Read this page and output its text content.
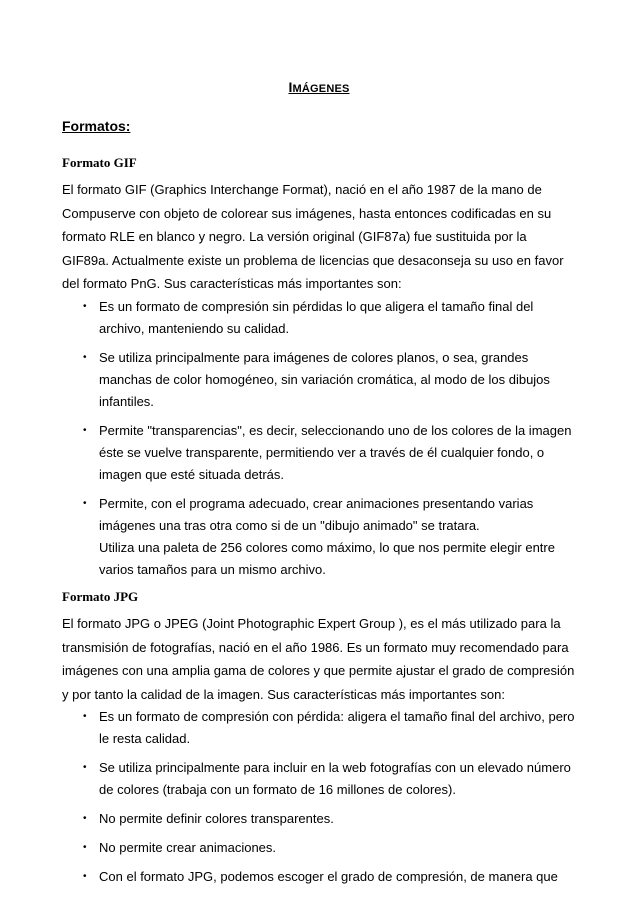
IMÁGENES
Formatos:
Formato GIF

El formato GIF (Graphics Interchange Format), nació en el año 1987 de la mano de Compuserve con objeto de colorear sus imágenes, hasta entonces codificadas en su formato RLE en blanco y negro. La versión original (GIF87a) fue sustituida por la GIF89a. Actualmente existe un problema de licencias que desaconseja su uso en favor del formato PnG. Sus características más importantes son:

• Es un formato de compresión sin pérdidas lo que aligera el tamaño final del archivo, manteniendo su calidad.
• Se utiliza principalmente para imágenes de colores planos, o sea, grandes manchas de color homogéneo, sin variación cromática, al modo de los dibujos infantiles.
• Permite "transparencias", es decir, seleccionando uno de los colores de la imagen éste se vuelve transparente, permitiendo ver a través de él cualquier fondo, o imagen que esté situada detrás.
• Permite, con el programa adecuado, crear animaciones presentando varias imágenes una tras otra como si de un "dibujo animado" se tratara.
Utiliza una paleta de 256 colores como máximo, lo que nos permite elegir entre varios tamaños para un mismo archivo.
Formato JPG

El formato JPG o JPEG (Joint Photographic Expert Group ), es el más utilizado para la transmisión de fotografías, nació en el año 1986. Es un formato muy recomendado para imágenes con una amplia gama de colores y que permite ajustar el grado de compresión y por tanto la calidad de la imagen. Sus características más importantes son:

• Es un formato de compresión con pérdida: aligera el tamaño final del archivo, pero le resta calidad.
• Se utiliza principalmente para incluir en la web fotografías con un elevado número de colores (trabaja con un formato de 16 millones de colores).
• No permite definir colores transparentes.
• No permite crear animaciones.
• Con el formato JPG, podemos escoger el grado de compresión, de manera que
